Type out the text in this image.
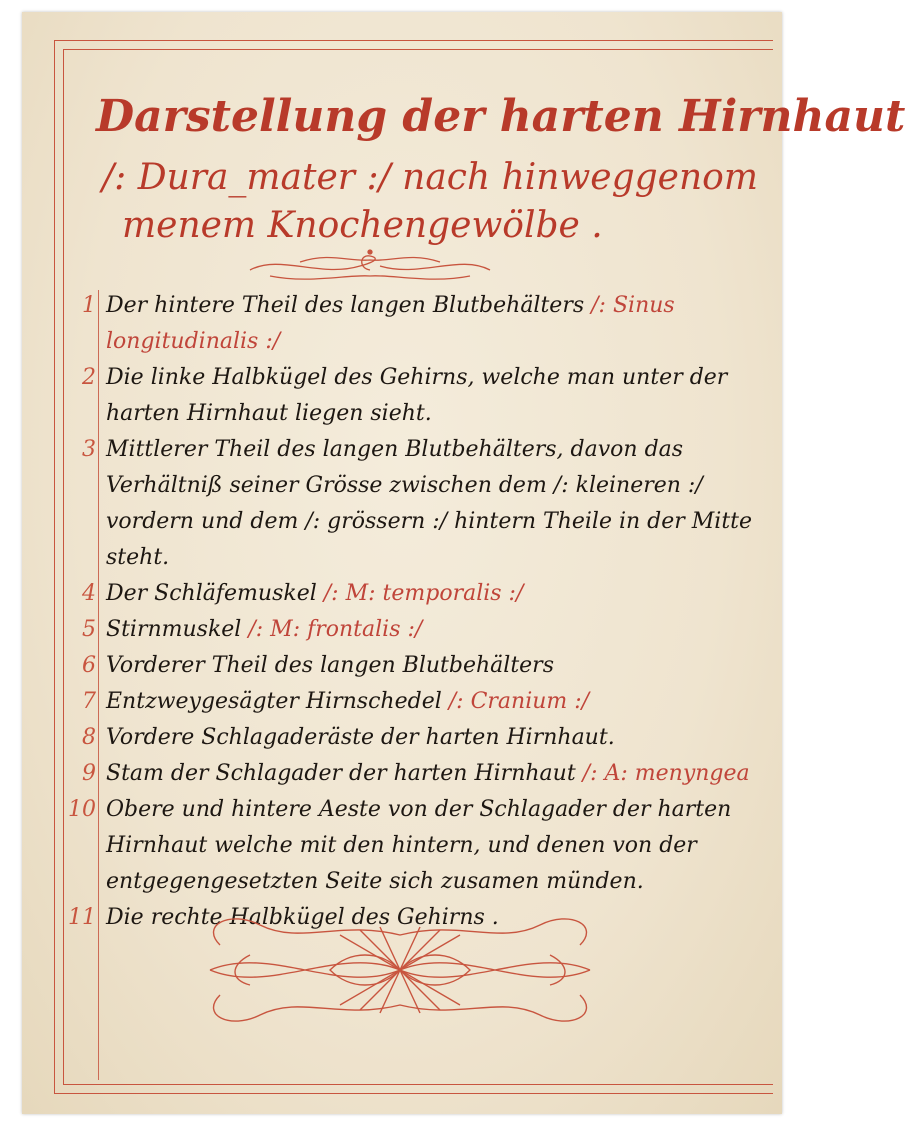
Darstellung der harten Hirnhaut
/: Dura_mater :/ nach hinweggenom
menem Knochengewölbe .
1 Der hintere Theil des langen Blutbehälters /: Sinus longitudinalis :/
2 Die linke Halbkügel des Gehirns, welche man unter der harten Hirnhaut liegen sieht.
3 Mittlerer Theil des langen Blutbehälters, davon das Verhältniß seiner Grösse zwischen dem /: kleineren :/ vordern und dem /: grössern :/ hintern Theile in der Mitte steht.
4 Der Schläfemuskel /: M: temporalis :/
5 Stirnmuskel /: M: frontalis :/
6 Vorderer Theil des langen Blutbehälters
7 Entzweygesägter Hirnschedel /: Cranium :/
8 Vordere Schlagaderäste der harten Hirnhaut.
9 Stam der Schlagader der harten Hirnhaut /: A: menyngea
10 Obere und hintere Aeste von der Schlagader der harten Hirnhaut welche mit den hintern, und denen von der entgegengesetzten Seite sich zusamen münden.
11 Die rechte Halbkügel des Gehirns .
